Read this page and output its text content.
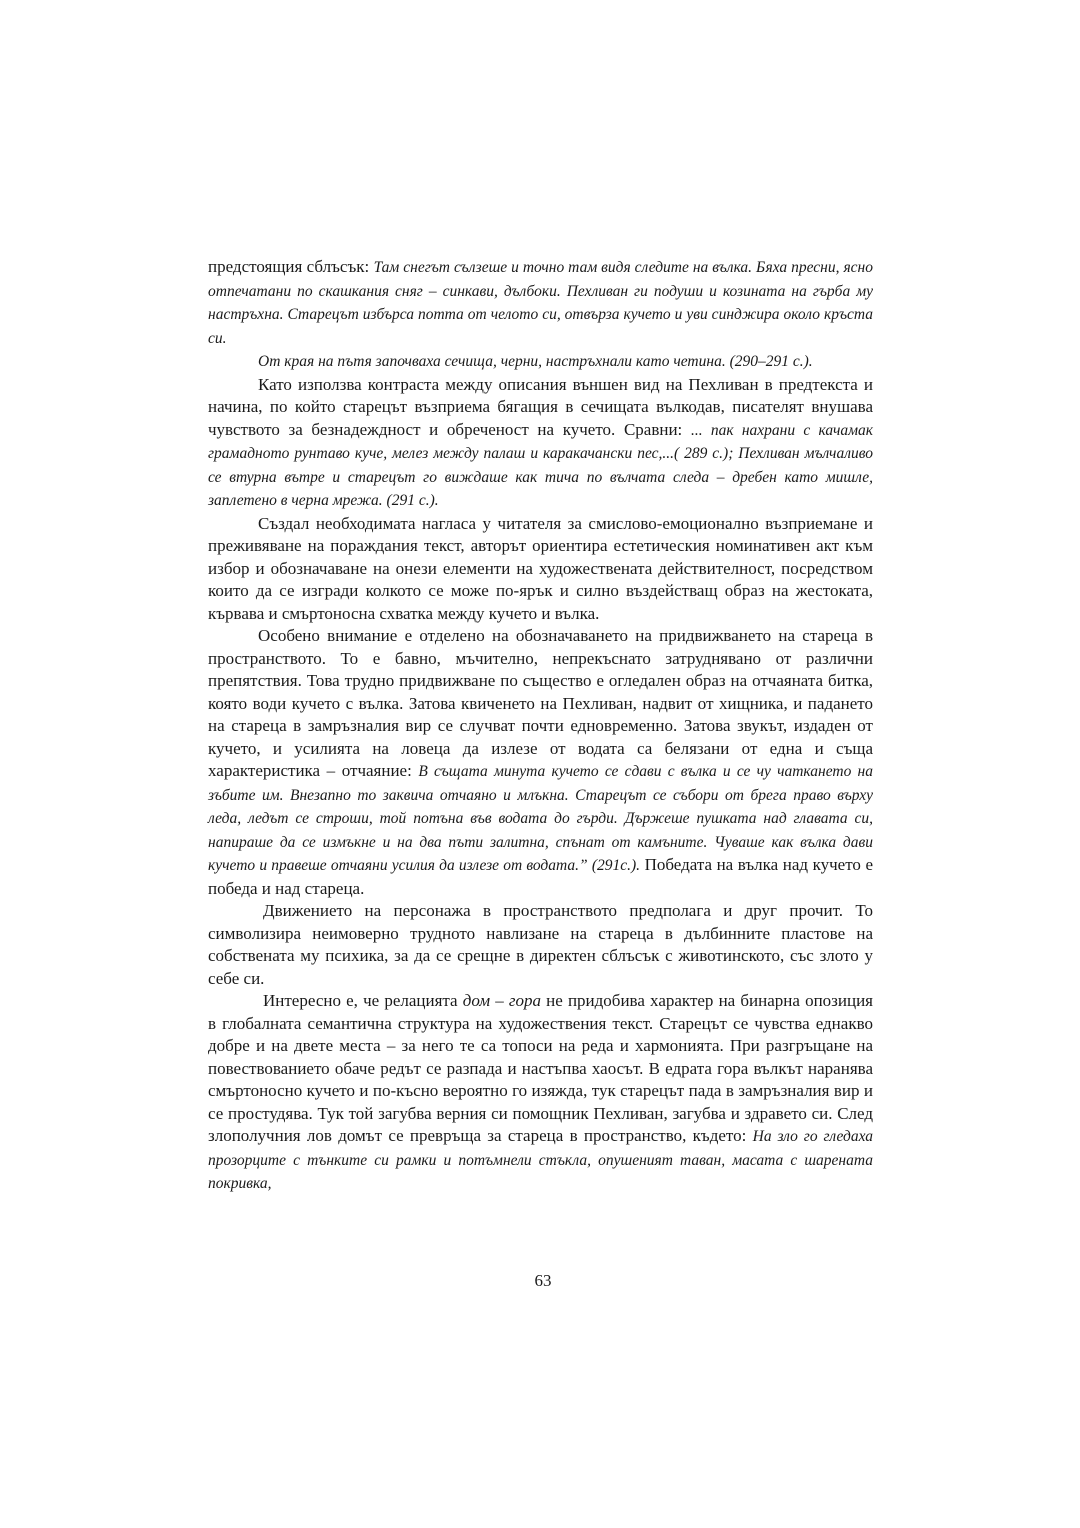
предстоящия сблъсък: Там снегът сълзеше и точно там видя следите на вълка. Бяха пресни, ясно отпечатани по скашкания сняг – синкави, дълбоки. Пехливан ги подуши и козината на гърба му настръхна. Старецът избърса потта от челото си, отвърза кучето и уви синджира около кръста си.

От края на пътя започваха сечища, черни, настръхнали като четина. (290–291 с.).

Като използва контраста между описания външен вид на Пехливан в предтекста и начина, по който старецът възприема бягащия в сечищата вълкодав, писателят внушава чувството за безнадеждност и обреченост на кучето. Сравни: ... пак нахрани с качамак грамадното рунтаво куче, мелез между палаш и каракачански пес,...( 289 с.); Пехливан мълчаливо се втурна вътре и старецът го виждаше как тича по вълчата следа – дребен като мишле, заплетено в черна мрежа. (291 с.).

Създал необходимата нагласа у читателя за смислово-емоционално възприемане и преживяване на пораждания текст, авторът ориентира естетическия номинативен акт към избор и обозначаване на онези елементи на художествената действителност, посредством които да се изгради колкото се може по-ярък и силно въздействащ образ на жестоката, кървава и смъртоносна схватка между кучето и вълка.

Особено внимание е отделено на обозначаването на придвижването на стареца в пространството. То е бавно, мъчително, непрекъснато затруднявано от различни препятствия. Това трудно придвижване по същество е огледален образ на отчаяната битка, която води кучето с вълка. Затова квиченето на Пехливан, надвит от хищника, и падането на стареца в замръзналия вир се случват почти едновременно. Затова звукът, издаден от кучето, и усилията на ловеца да излезе от водата са белязани от една и съща характеристика – отчаяние: В същата минута кучето се сдави с вълка и се чу чаткането на зъбите им. Внезапно то заквича отчаяно и млъкна. Старецът се събори от брега право върху леда, ледът се строши, той потъна във водата до гърди. Държеше пушката над главата си, напираше да се измъкне и на два пъти залитна, спънат от камъните. Чуваше как вълка дави кучето и правеше отчаяни усилия да излезе от водата.” (291с.). Победата на вълка над кучето е победа и над стареца.

Движението на персонажа в пространството предполага и друг прочит. То символизира неимоверно трудното навлизане на стареца в дълбинните пластове на собствената му психика, за да се срещне в директен сблъсък с животинското, със злото у себе си.

Интересно е, че релацията дом – гора не придобива характер на бинарна опозиция в глобалната семантична структура на художествения текст. Старецът се чувства еднакво добре и на двете места – за него те са топоси на реда и хармонията. При разгръщане на повествованието обаче редът се разпада и настъпва хаосът. В едрата гора вълкът наранява смъртоносно кучето и по-късно вероятно го изяжда, тук старецът пада в замръзналия вир и се простудява. Тук той загубва верния си помощник Пехливан, загубва и здравето си. След злополучния лов домът се превръща за стареца в пространство, където: На зло го гледаха прозорците с тънките си рамки и потъмнели стъкла, опушеният таван, масата с шарената покривка,

63
